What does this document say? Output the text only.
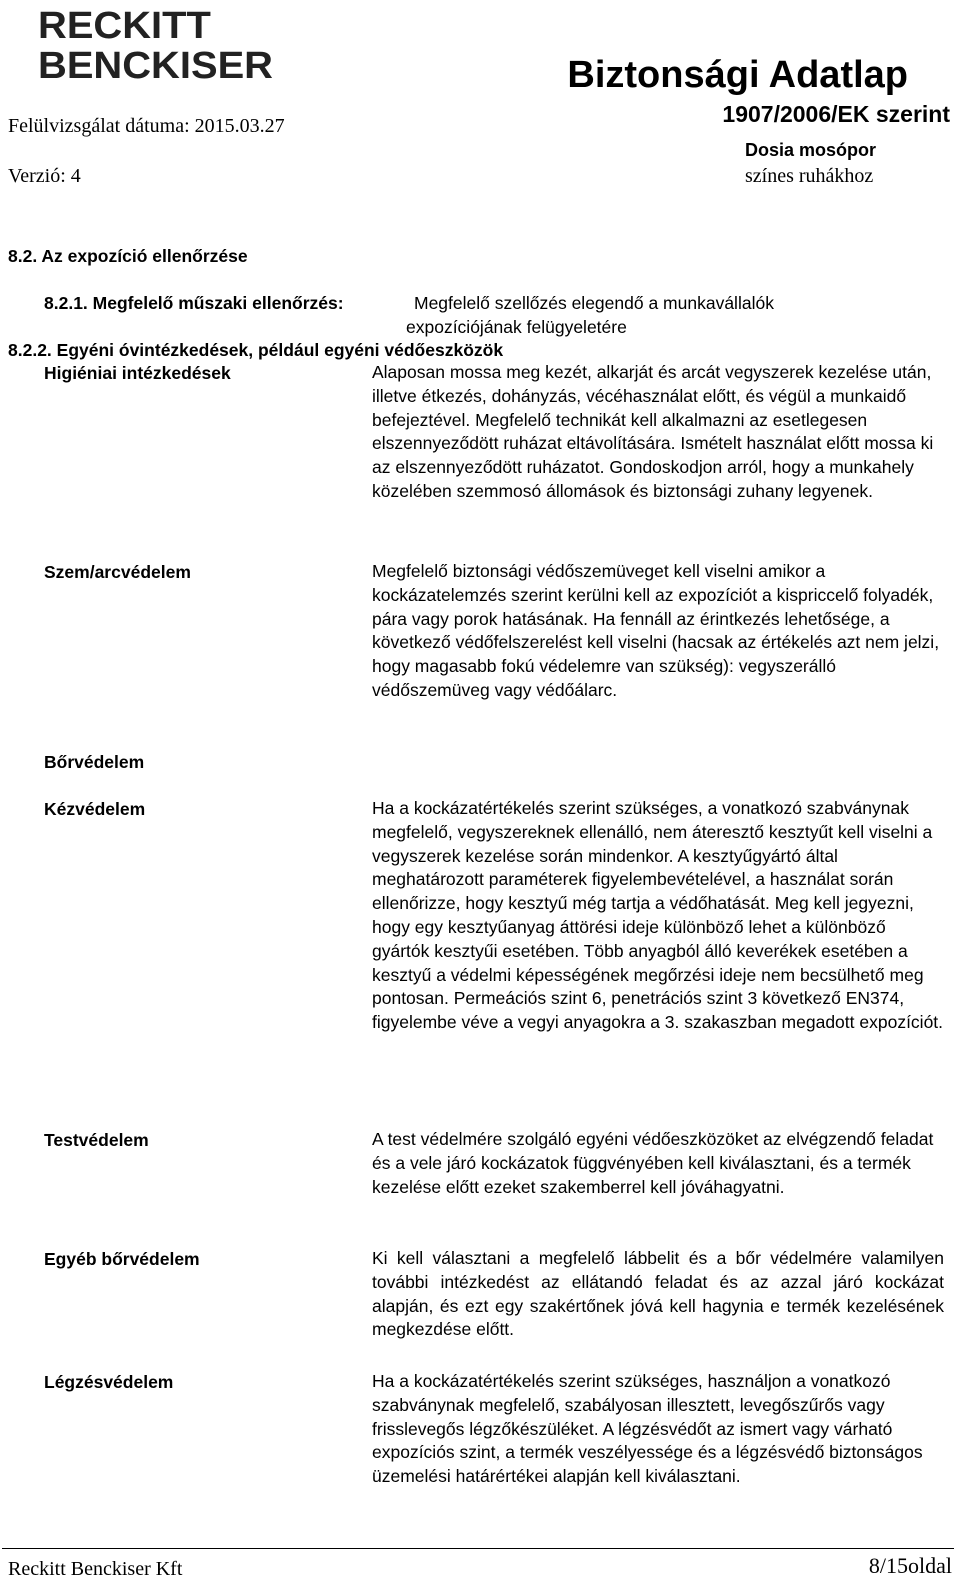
RECKITT
BENCKISER	Biztonsági Adatlap
1907/2006/EK szerint
Dosia mosópor
színes ruhákhoz
Felülvizsgálat dátuma: 2015.03.27
Verzió: 4
8.2. Az expozíció ellenőrzése
8.2.1. Megfelelő műszaki ellenőrzés:	Megfelelő szellőzés elegendő a munkavállalók
expozíciójának felügyeletére
8.2.2. Egyéni óvintézkedések, például egyéni védőeszközök
Higiéniai intézkedések	Alaposan mossa meg kezét, alkarját és arcát vegyszerek kezelése után, illetve étkezés, dohányzás, vécéhasználat előtt, és végül a munkaidő befejeztével. Megfelelő technikát kell alkalmazni az esetlegesen elszennyeződött ruházat eltávolítására. Ismételt használat előtt mossa ki az elszennyeződött ruházatot. Gondoskodjon arról, hogy a munkahely közelében szemmosó állomások és biztonsági zuhany legyenek.

Szem/arcvédelem	Megfelelő biztonsági védőszemüveget kell viselni amikor a kockázatelemzés szerint kerülni kell az expozíciót a kispriccelő folyadék, pára vagy porok hatásának. Ha fennáll az érintkezés lehetősége, a következő védőfelszerelést kell viselni (hacsak az értékelés azt nem jelzi, hogy magasabb fokú védelemre van szükség): vegyszerálló védőszemüveg vagy védőálarc.

Bőrvédelem
Kézvédelem	Ha a kockázatértékelés szerint szükséges, a vonatkozó szabványnak megfelelő, vegyszereknek ellenálló, nem áteresztő kesztyűt kell viselni a vegyszerek kezelése során mindenkor. A kesztyűgyártó által meghatározott paraméterek figyelembevételével, a használat során ellenőrizze, hogy kesztyű még tartja a védőhatását. Meg kell jegyezni, hogy egy kesztyűanyag áttörési ideje különböző lehet a különböző gyártók kesztyűi esetében. Több anyagból álló keverékek esetében a kesztyű a védelmi képességének megőrzési ideje nem becsülhető meg pontosan. Permeációs szint 6, penetrációs szint 3 következő EN374, figyelembe véve a vegyi anyagokra a 3. szakaszban megadott expozíciót.

Testvédelem	A test védelmére szolgáló egyéni védőeszközöket az elvégzendő feladat és a vele járó kockázatok függvényében kell kiválasztani, és a termék kezelése előtt ezeket szakemberrel kell jóváhagyatni.

Egyéb bőrvédelem	Ki kell választani a megfelelő lábbelit és a bőr védelmére valamilyen további intézkedést az ellátandó feladat és az azzal járó kockázat alapján, és ezt egy szakértőnek jóvá kell hagynia e termék kezelésének megkezdése előtt.

Légzésvédelem	Ha a kockázatértékelés szerint szükséges, használjon a vonatkozó szabványnak megfelelő, szabályosan illesztett, levegőszűrős vagy frisslevegős légzőkészüléket. A légzésvédőt az ismert vagy várható expozíciós szint, a termék veszélyessége és a légzésvédő biztonságos üzemelési határértékei alapján kell kiválasztani.

Reckitt Benckiser Kft	8/15oldal
